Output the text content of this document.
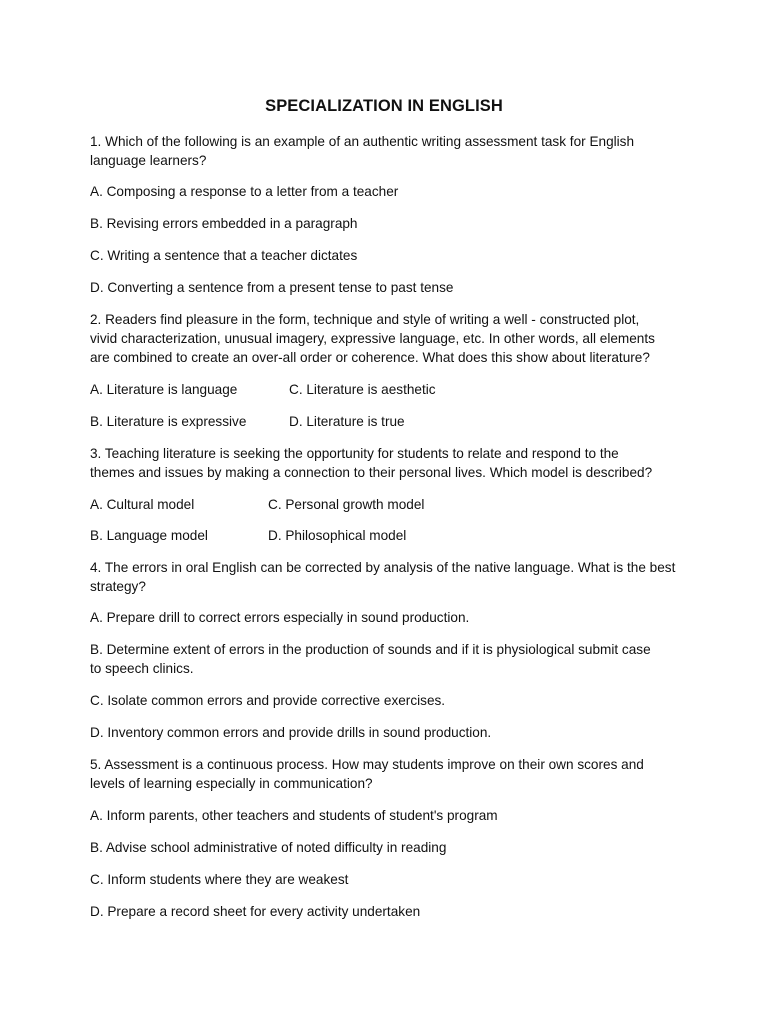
SPECIALIZATION IN ENGLISH
1. Which of the following is an example of an authentic writing assessment task for English
language learners?
A. Composing a response to a letter from a teacher
B. Revising errors embedded in a paragraph
C. Writing a sentence that a teacher dictates
D. Converting a sentence from a present tense to past tense
2. Readers find pleasure in the form, technique and style of writing a well - constructed plot,
vivid characterization, unusual imagery, expressive language, etc. In other words, all elements
are combined to create an over-all order or coherence. What does this show about literature?
A. Literature is language	C. Literature is aesthetic
B. Literature is expressive	D. Literature is true
3. Teaching literature is seeking the opportunity for students to relate and respond to the
themes and issues by making a connection to their personal lives. Which model is described?
A. Cultural model	C. Personal growth model
B. Language model	D. Philosophical model
4. The errors in oral English can be corrected by analysis of the native language. What is the best
strategy?
A. Prepare drill to correct errors especially in sound production.
B. Determine extent of errors in the production of sounds and if it is physiological submit case
to speech clinics.
C. Isolate common errors and provide corrective exercises.
D. Inventory common errors and provide drills in sound production.
5. Assessment is a continuous process. How may students improve on their own scores and
levels of learning especially in communication?
A. Inform parents, other teachers and students of student's program
B. Advise school administrative of noted difficulty in reading
C. Inform students where they are weakest
D. Prepare a record sheet for every activity undertaken
